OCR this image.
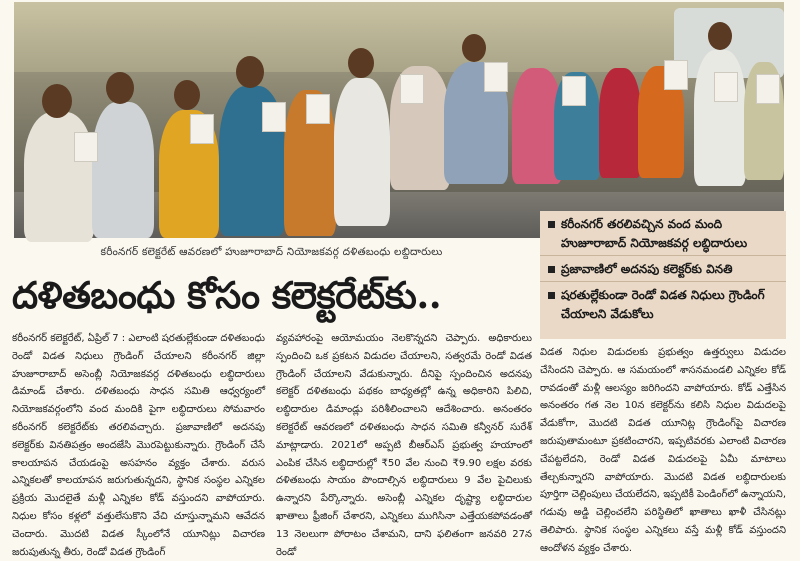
కరీంనగర్ కలెక్టరేట్ ఆవరణలో హుజూరాబాద్ నియోజకవర్గ దళితబంధు లబ్దిదారులు
కరీంనగర్ తరలివచ్చిన వంద మంది హుజూరాబాద్ నియోజకవర్గ లబ్ధిదారులు
ప్రజావాణిలో అదనపు కలెక్టర్‌కు వినతి
షరతుల్లేకుండా రెండో విడత నిధులు గ్రౌండింగ్ చేయాలని వేడుకోలు
దళితబంధు కోసం కలెక్టరేట్‌కు..

కరీంనగర్ కలెక్టరేట్, ఏప్రిల్ 7 : ఎలాంటి షరతుల్లేకుండా దళితబంధు రెండో విడత నిధులు గ్రౌండింగ్ చేయాలని కరీంనగర్ జిల్లా హుజూరాబాద్ అసెంబ్లీ నియోజకవర్గ దళితబంధు లబ్ధిదారులు డిమాండ్ చేశారు. దళితబంధు సాధన సమితి ఆధ్వర్యంలో నియోజకవర్గంలోని వంద మందికి పైగా లబ్ధిదారులు సోమవారం కరీంనగర్ కలెక్టరేట్‌కు తరలివచ్చారు. ప్రజావాణిలో అదనపు కలెక్టర్‌కు వినతిపత్రం అందజేసి మొరపెట్టుకున్నారు. గ్రౌండింగ్ చేసే కాలయాపన చేయడంపై అసహనం వ్యక్తం చేశారు. వరుస ఎన్నికలతో కాలయాపన జరుగుతున్నదని, స్థానిక సంస్థల ఎన్నికల ప్రక్రియ మొదలైతే మళ్లీ ఎన్నికల కోడ్ వస్తుందని వాపోయారు. నిధుల కోసం కళ్లలో వత్తులేసుకొని వేచి చూస్తున్నామని ఆవేదన చెందారు. మొదటి విడత స్కీంలోనే యూనిట్లు విచారణ జరుపుతున్న తీరు, రెండో విడత గ్రౌండింగ్

వ్యవహారంపై ఆయోమయం నెలకొన్నదని చెప్పారు. అధికారులు స్పందించి ఒక ప్రకటన విడుదల చేయాలని, సత్వరమే రెండో విడత గ్రౌండింగ్ చేయాలని వేడుకున్నారు. దీనిపై స్పందించిన అదనపు కలెక్టర్ దళితబంధు పథకం బాధ్యతల్లో ఉన్న అధికారిని పిలిచి, లబ్ధిదారుల డిమాండ్లు పరిశీలించాలని ఆదేశించారు. అనంతరం కలెక్టరేట్ ఆవరణలో దళితబంధు సాధన సమితి కన్వీనర్ సురేశ్ మాట్లాడారు. 2021లో అప్పటి బీఆర్ఎస్ ప్రభుత్వ హయాంలో ఎంపిక చేసిన లబ్ధిదారుల్లో ₹50 వేల నుంచి ₹9.90 లక్షల వరకు దళితబంధు సాయం పొందాల్సిన లబ్ధిదారులు 9 వేల పైచిలుకు ఉన్నారని పేర్కొన్నారు. అసెంబ్లీ ఎన్నికల దృష్ట్యా లబ్ధిదారుల ఖాతాలు ఫ్రీజింగ్ చేశారని, ఎన్నికలు ముగిసినా ఎత్తేయకపోవడంతో 13 నెలలుగా పోరాటం చేశామని, దాని ఫలితంగా జనవరి 27న రెండో

విడత నిధుల విడుదలకు ప్రభుత్వం ఉత్తర్వులు విడుదల చేసిందని చెప్పారు. ఆ సమయంలో శాసనమండలి ఎన్నికల కోడ్ రావడంతో మళ్లీ ఆలస్యం జరిగిందని వాపోయారు. కోడ్ ఎత్తేసిన అనంతరం గత నెల 10న కలెక్టర్‌ను కలిసి నిధుల విడుదలపై వేడుకోగా, మొదటి విడత యూనిట్ల గ్రౌండింగ్‌పై విచారణ జరుపుతామంటూ ప్రకటించారని, ఇప్పటివరకు ఎలాంటి విచారణ చేపట్టలేదని, రెండో విడత విడుదలపై ఏమీ మాటాలు తేల్చకున్నారని వాపోయారు. మొదటి విడత లబ్ధిదారులకు పూర్తిగా చెల్లింపులు చేయలేదని, ఇప్పటికీ పెండింగ్‌లో ఉన్నాయని, గడువు అడ్డి చెల్లించలేని పరిస్థితిలో ఖాతాలు ఖాళీ చేసినట్లు తెలిపారు. స్థానిక సంస్థల ఎన్నికలు వస్తే మళ్లీ కోడ్ వస్తుందని ఆందోళన వ్యక్తం చేశారు.
